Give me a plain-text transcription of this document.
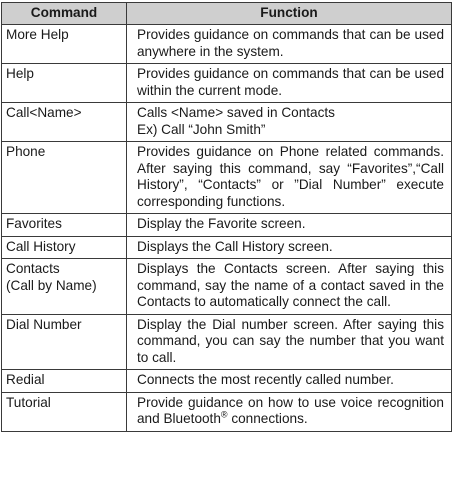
Command	Function

More Help	Provides guidance on commands that can be used anywhere in the system.

Help	Provides guidance on commands that can be used within the current mode.

Call<Name>	Calls <Name> saved in Contacts
Ex) Call “John Smith”

Phone	Provides guidance on Phone related commands. After saying this command, say “Favorites”,“Call History”, “Contacts” or ”Dial Number” execute corresponding functions.

Favorites	Display the Favorite screen.

Call History	Displays the Call History screen.

Contacts
(Call by Name)	Displays the Contacts screen. After saying this command, say the name of a contact saved in the Contacts to automatically connect the call.

Dial Number	Display the Dial number screen. After saying this command, you can say the number that you want to call.

Redial	Connects the most recently called number.

Tutorial	Provide guidance on how to use voice recognition and Bluetooth® connections.
